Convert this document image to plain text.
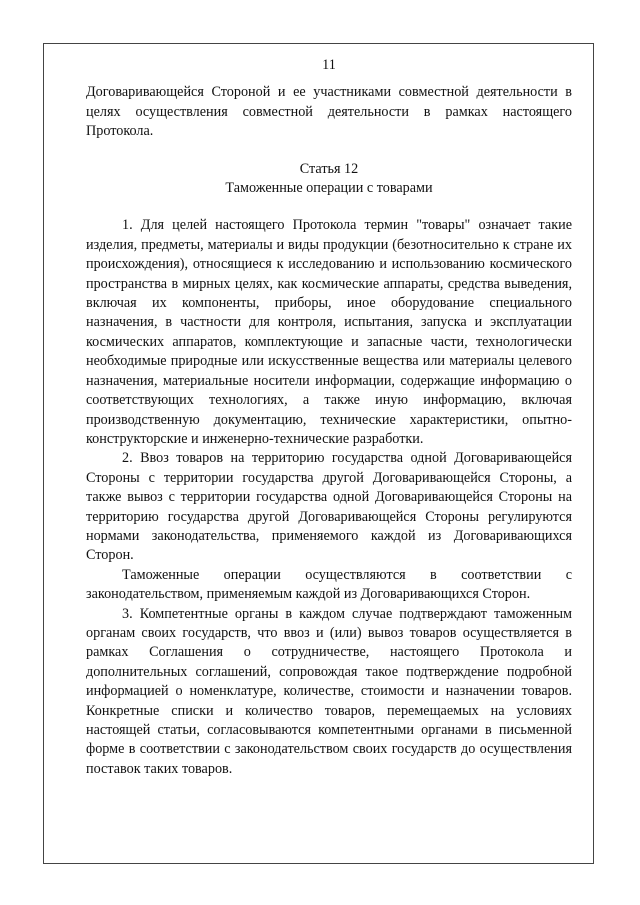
11

Договаривающейся Стороной и ее участниками совместной деятельности в целях осуществления совместной деятельности в рамках настоящего Протокола.

Статья 12
Таможенные операции с товарами

1. Для целей настоящего Протокола термин "товары" означает такие изделия, предметы, материалы и виды продукции (безотносительно к стране их происхождения), относящиеся к исследованию и использованию космического пространства в мирных целях, как космические аппараты, средства выведения, включая их компоненты, приборы, иное оборудование специального назначения, в частности для контроля, испытания, запуска и эксплуатации космических аппаратов, комплектующие и запасные части, технологически необходимые природные или искусственные вещества или материалы целевого назначения, материальные носители информации, содержащие информацию о соответствующих технологиях, а также иную информацию, включая производственную документацию, технические характеристики, опытно-конструкторские и инженерно-технические разработки.

2. Ввоз товаров на территорию государства одной Договаривающейся Стороны с территории государства другой Договаривающейся Стороны, а также вывоз с территории государства одной Договаривающейся Стороны на территорию государства другой Договаривающейся Стороны регулируются нормами законодательства, применяемого каждой из Договаривающихся Сторон.

Таможенные операции осуществляются в соответствии с законодательством, применяемым каждой из Договаривающихся Сторон.

3. Компетентные органы в каждом случае подтверждают таможенным органам своих государств, что ввоз и (или) вывоз товаров осуществляется в рамках Соглашения о сотрудничестве, настоящего Протокола и дополнительных соглашений, сопровождая такое подтверждение подробной информацией о номенклатуре, количестве, стоимости и назначении товаров. Конкретные списки и количество товаров, перемещаемых на условиях настоящей статьи, согласовываются компетентными органами в письменной форме в соответствии с законодательством своих государств до осуществления поставок таких товаров.
